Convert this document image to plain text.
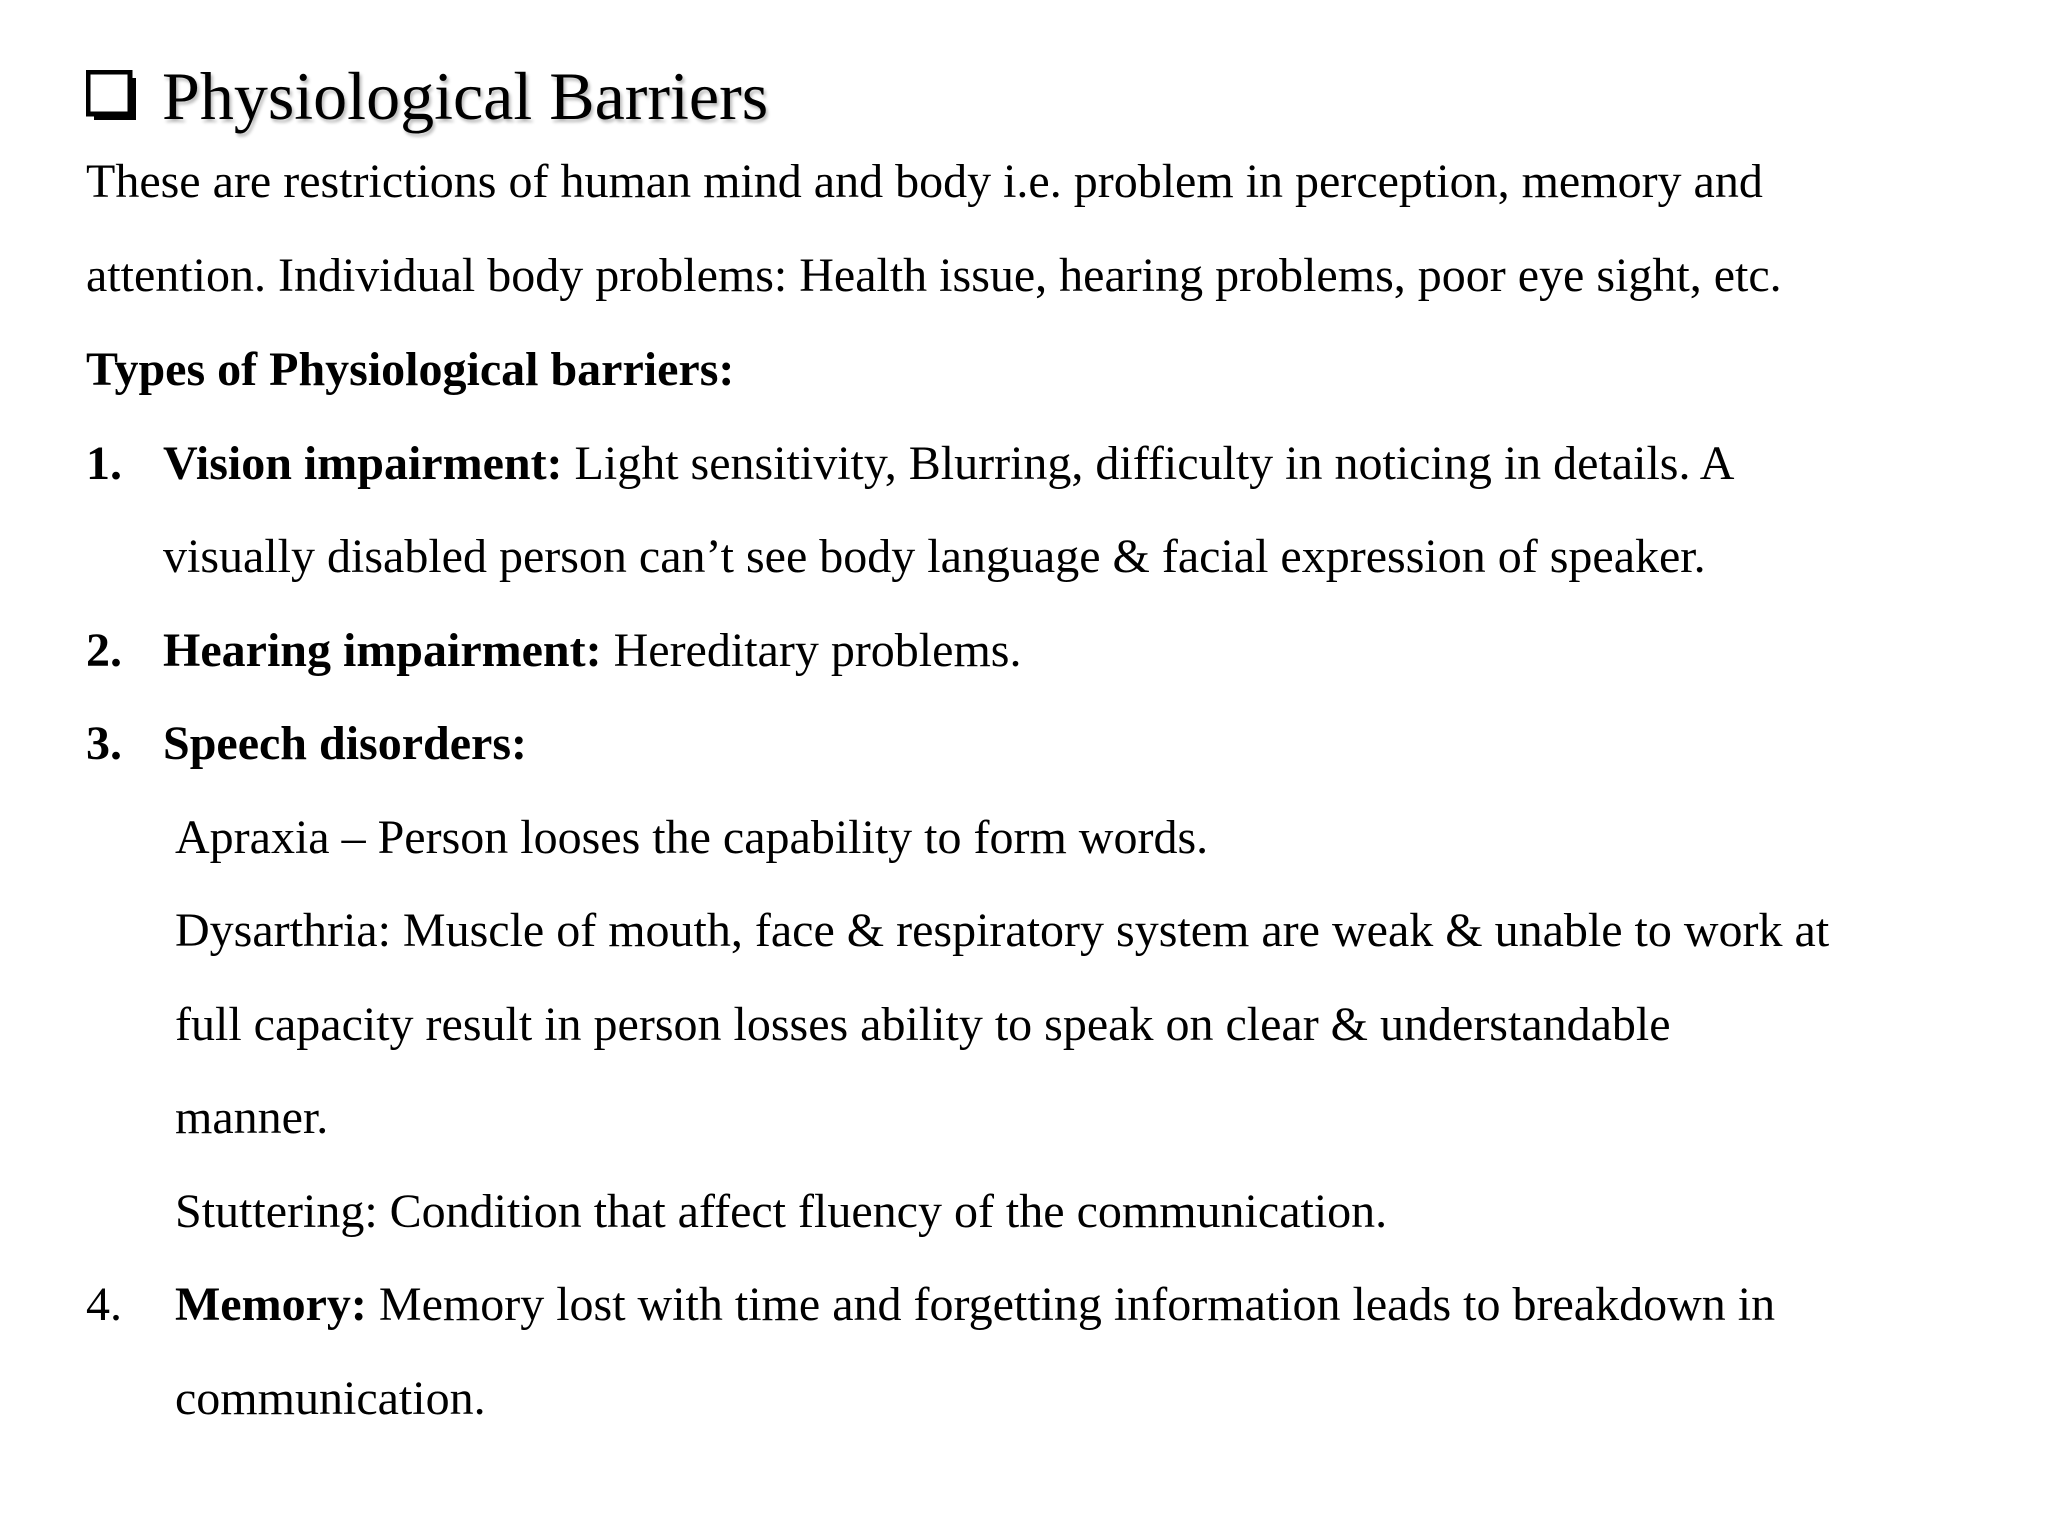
Physiological Barriers
These are restrictions of human mind and body i.e. problem in perception, memory and
attention. Individual body problems: Health issue, hearing problems, poor eye sight, etc.
Types of Physiological barriers:
1. Vision impairment: Light sensitivity, Blurring, difficulty in noticing in details. A
visually disabled person can’t see body language & facial expression of speaker.
2. Hearing impairment: Hereditary problems.
3. Speech disorders:
Apraxia – Person looses the capability to form words.
Dysarthria: Muscle of mouth, face & respiratory system are weak & unable to work at
full capacity result in person losses ability to speak on clear & understandable
manner.
Stuttering: Condition that affect fluency of the communication.
4. Memory: Memory lost with time and forgetting information leads to breakdown in
communication.
